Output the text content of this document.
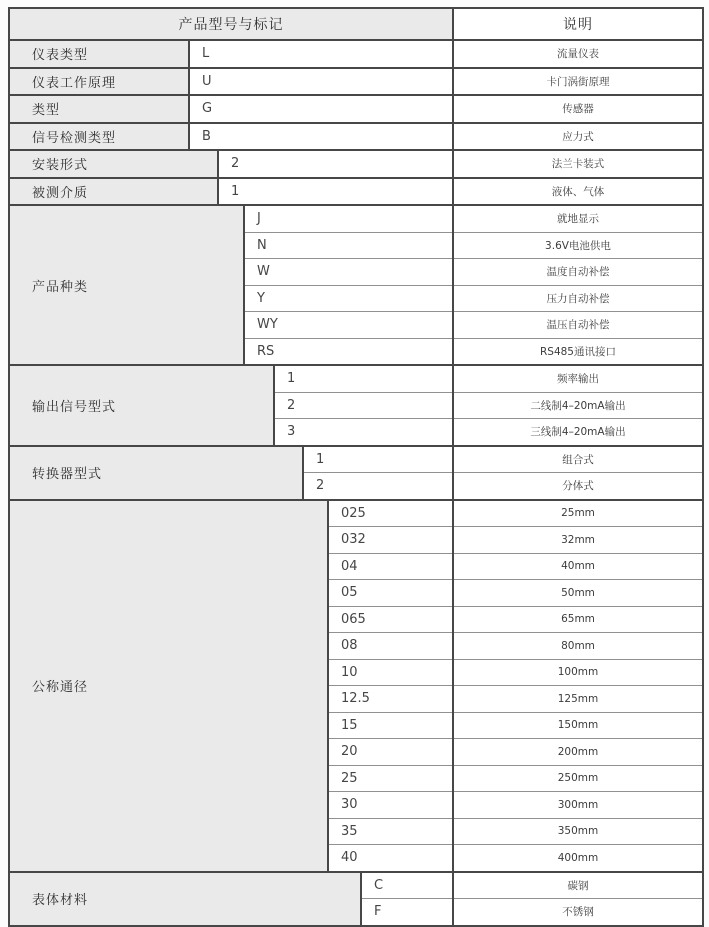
产品型号与标记								说明
仪表类型	L							流量仪表
仪表工作原理	U							卡门涡街原理
类型	G							传感器
信号检测类型	B							应力式
安装形式		2						法兰卡装式
被测介质		1						液体、气体
产品种类			J					就地显示
			N					3.6V电池供电
			W					温度自动补偿
			Y					压力自动补偿
			WY					温压自动补偿
			RS					RS485通讯接口
输出信号型式				1				频率输出
				2				二线制4–20mA输出
				3				三线制4–20mA输出
转换器型式					1			组合式
					2			分体式
公称通径						025		25mm
						032		32mm
						04		40mm
						05		50mm
						065		65mm
						08		80mm
						10		100mm
						12.5		125mm
						15		150mm
						20		200mm
						25		250mm
						30		300mm
						35		350mm
						40		400mm
表体材料							C	碳钢
							F	不锈钢
